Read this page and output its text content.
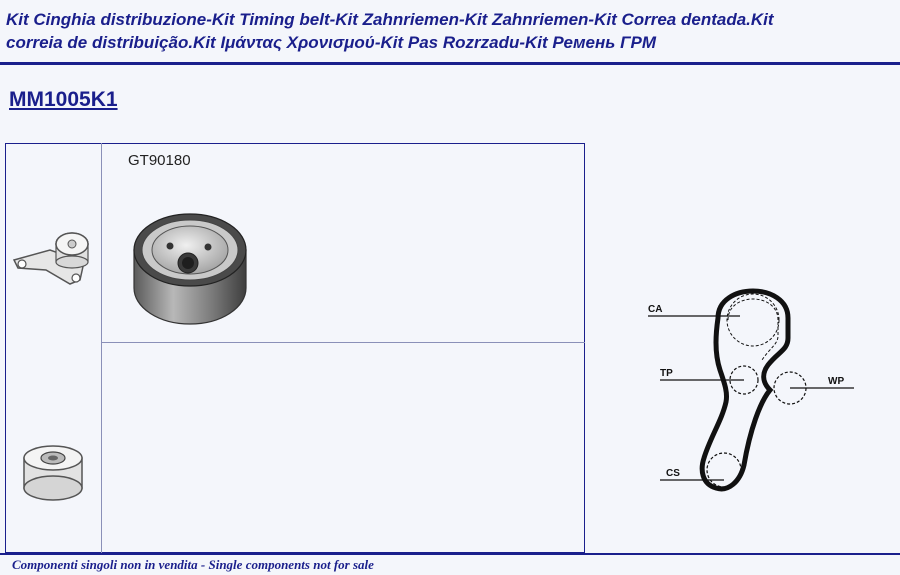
Kit Cinghia distribuzione-Kit Timing belt-Kit Zahnriemen-Kit Zahnriemen-Kit Correa dentada.Kit
correia de distribuição.Kit Ιμάντας Χρονισμού-Kit Pas Rozrzadu-Kit Ремень ГРМ
MM1005K1
GT90180
CA
TP
WP
CS
Componenti singoli non in vendita - Single components not for sale
